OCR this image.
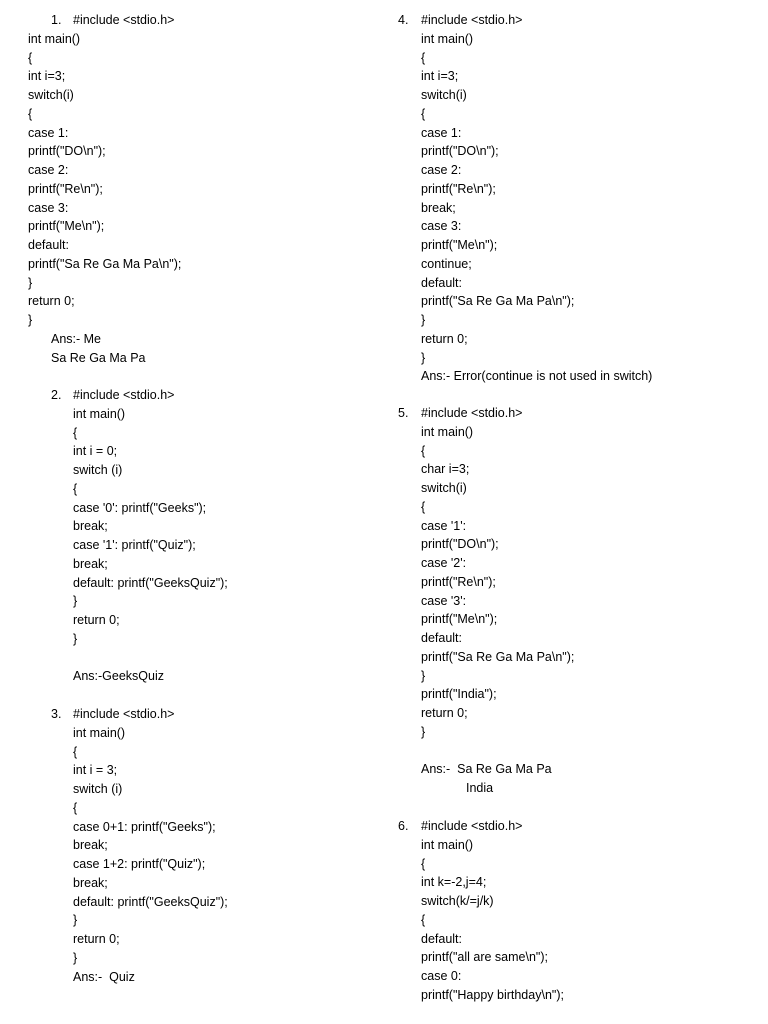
1. #include <stdio.h>
int main()
{
int i=3;
switch(i)
{
case 1:
printf("DO\n");
case 2:
printf("Re\n");
case 3:
printf("Me\n");
default:
printf("Sa Re Ga Ma Pa\n");
}
return 0;
}
Ans:- Me
Sa Re Ga Ma Pa
2. #include <stdio.h>
int main()
{
int i = 0;
switch (i)
{
case '0': printf("Geeks");
break;
case '1': printf("Quiz");
break;
default: printf("GeeksQuiz");
}
return 0;
}
Ans:-GeeksQuiz
3. #include <stdio.h>
int main()
{
int i = 3;
switch (i)
{
case 0+1: printf("Geeks");
break;
case 1+2: printf("Quiz");
break;
default: printf("GeeksQuiz");
}
return 0;
}
Ans:-  Quiz
4. #include <stdio.h>
int main()
{
int i=3;
switch(i)
{
case 1:
printf("DO\n");
case 2:
printf("Re\n");
break;
case 3:
printf("Me\n");
continue;
default:
printf("Sa Re Ga Ma Pa\n");
}
return 0;
}
Ans:- Error(continue is not used in switch)
5. #include <stdio.h>
int main()
{
char i=3;
switch(i)
{
case '1':
printf("DO\n");
case '2':
printf("Re\n");
case '3':
printf("Me\n");
default:
printf("Sa Re Ga Ma Pa\n");
}
printf("India");
return 0;
}
Ans:-  Sa Re Ga Ma Pa
India
6. #include <stdio.h>
int main()
{
int k=-2,j=4;
switch(k/=j/k)
{
default:
printf("all are same\n");
case 0:
printf("Happy birthday\n");
